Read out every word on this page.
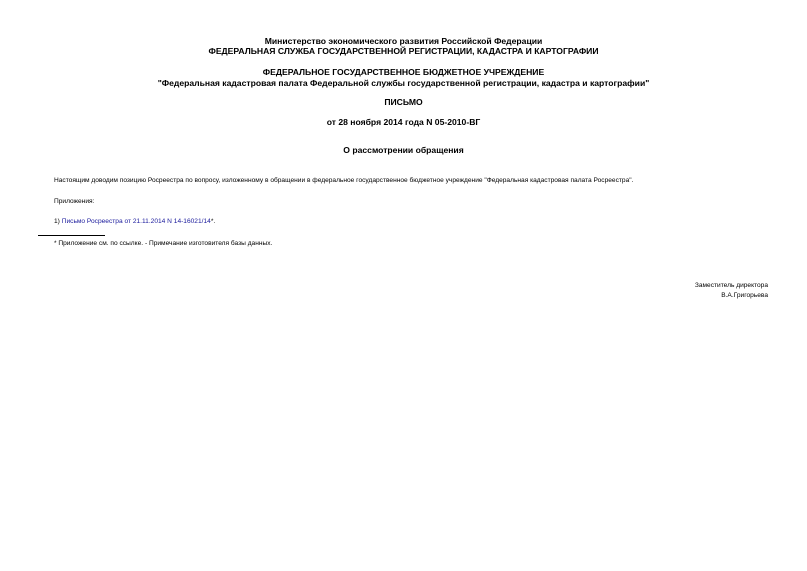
Министерство экономического развития Российской Федерации
ФЕДЕРАЛЬНАЯ СЛУЖБА ГОСУДАРСТВЕННОЙ РЕГИСТРАЦИИ, КАДАСТРА И КАРТОГРАФИИ
ФЕДЕРАЛЬНОЕ ГОСУДАРСТВЕННОЕ БЮДЖЕТНОЕ УЧРЕЖДЕНИЕ
"Федеральная кадастровая палата Федеральной службы государственной регистрации, кадастра и картографии"
ПИСЬМО
от 28 ноября 2014 года N 05-2010-ВГ
О рассмотрении обращения
Настоящим доводим позицию Росреестра по вопросу, изложенному в обращении в федеральное государственное бюджетное учреждение "Федеральная кадастровая палата Росреестра".
Приложения:
1) Письмо Росреестра от 21.11.2014 N 14-16021/14*.
* Приложение см. по ссылке. - Примечание изготовителя базы данных.
Заместитель директора
В.А.Григорьева
